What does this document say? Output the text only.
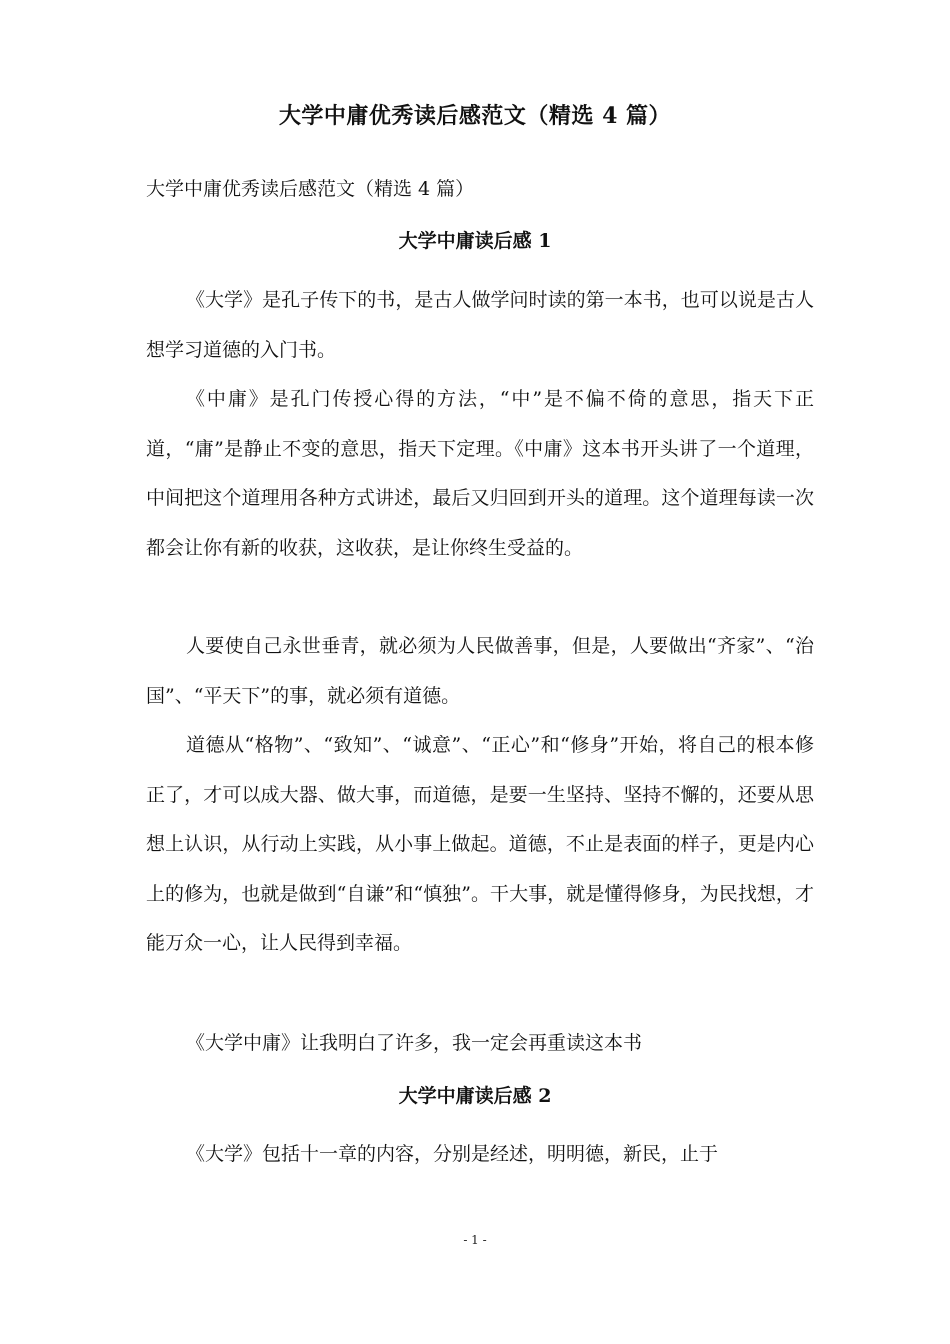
大学中庸优秀读后感范文（精选 4 篇）
大学中庸优秀读后感范文（精选 4 篇）
大学中庸读后感 1

《大学》是孔子传下的书，是古人做学问时读的第一本书，也可以说是古人想学习道德的入门书。

《中庸》是孔门传授心得的方法，“中”是不偏不倚的意思，指天下正道，“庸”是静止不变的意思，指天下定理。《中庸》这本书开头讲了一个道理，中间把这个道理用各种方式讲述，最后又归回到开头的道理。这个道理每读一次都会让你有新的收获，这收获，是让你终生受益的。

人要使自己永世垂青，就必须为人民做善事，但是，人要做出“齐家”、“治国”、“平天下”的事，就必须有道德。

道德从“格物”、“致知”、“诚意”、“正心”和“修身”开始，将自己的根本修正了，才可以成大器、做大事，而道德，是要一生坚持、坚持不懈的，还要从思想上认识，从行动上实践，从小事上做起。道德，不止是表面的样子，更是内心上的修为，也就是做到“自谦”和“慎独”。干大事，就是懂得修身，为民找想，才能万众一心，让人民得到幸福。

《大学中庸》让我明白了许多，我一定会再重读这本书

大学中庸读后感 2

《大学》包括十一章的内容，分别是经述，明明德，新民，止于

- 1 -
